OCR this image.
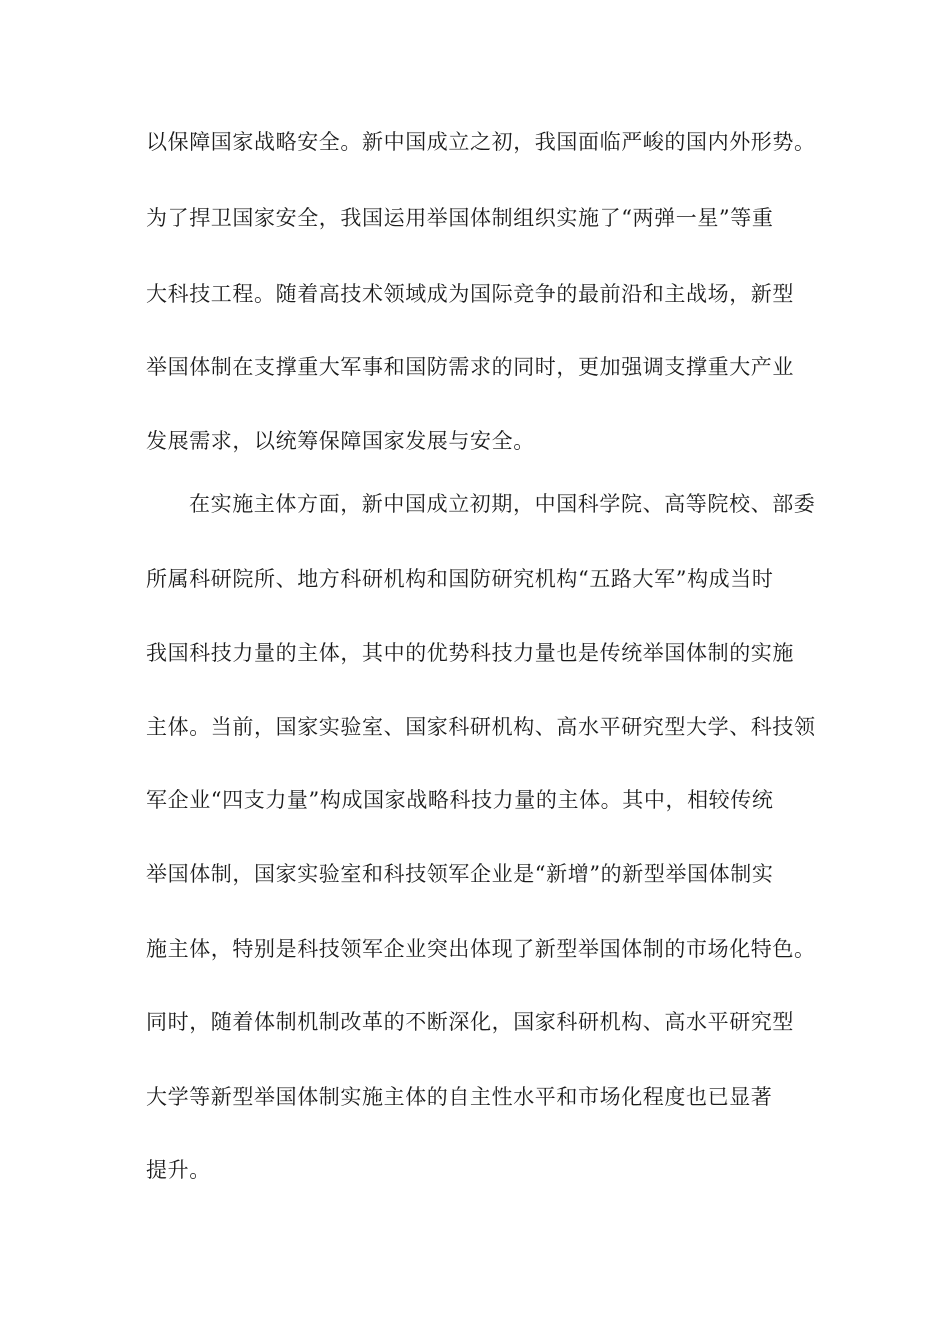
以保障国家战略安全。新中国成立之初，我国面临严峻的国内外形势。

为了捍卫国家安全，我国运用举国体制组织实施了“两弹一星”等重

大科技工程。随着高技术领域成为国际竞争的最前沿和主战场，新型

举国体制在支撑重大军事和国防需求的同时，更加强调支撑重大产业

发展需求，以统筹保障国家发展与安全。

在实施主体方面，新中国成立初期，中国科学院、高等院校、部委

所属科研院所、地方科研机构和国防研究机构“五路大军”构成当时

我国科技力量的主体，其中的优势科技力量也是传统举国体制的实施

主体。当前，国家实验室、国家科研机构、高水平研究型大学、科技领

军企业“四支力量”构成国家战略科技力量的主体。其中，相较传统

举国体制，国家实验室和科技领军企业是“新增”的新型举国体制实

施主体，特别是科技领军企业突出体现了新型举国体制的市场化特色。

同时，随着体制机制改革的不断深化，国家科研机构、高水平研究型

大学等新型举国体制实施主体的自主性水平和市场化程度也已显著

提升。
